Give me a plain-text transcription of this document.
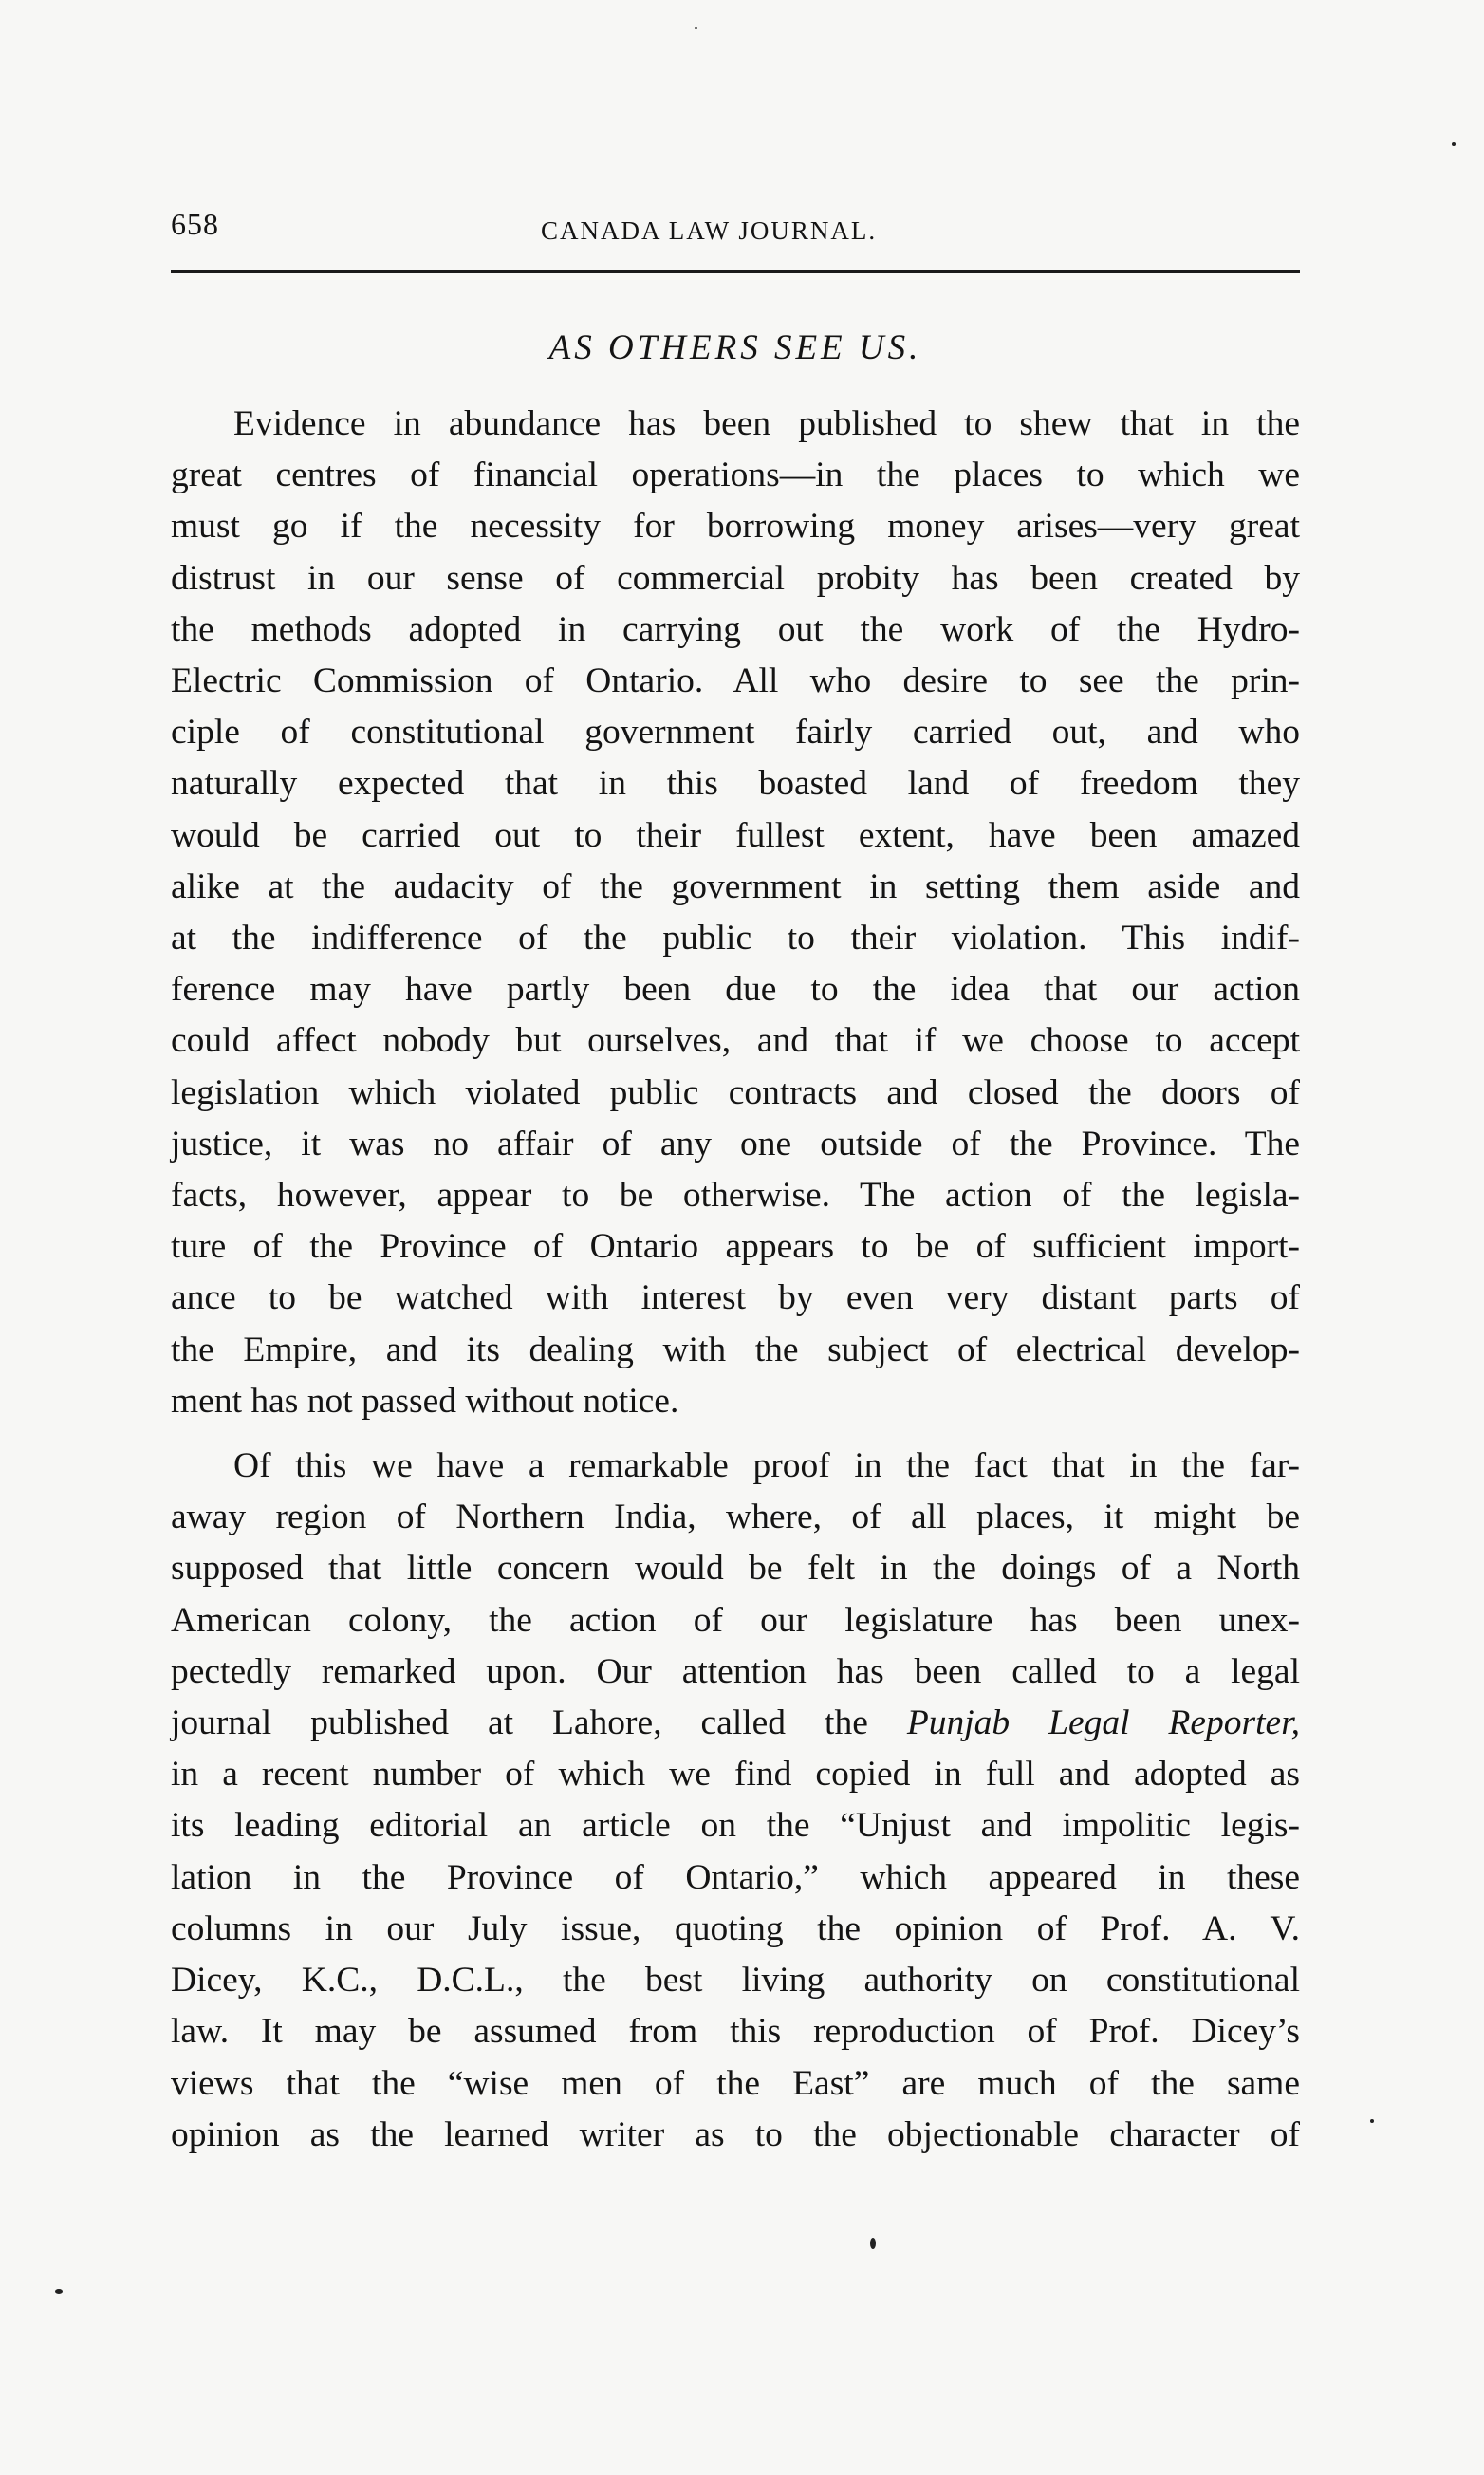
658	CANADA LAW JOURNAL.
AS OTHERS SEE US.

Evidence in abundance has been published to shew that in the
great centres of financial operations—in the places to which we
must go if the necessity for borrowing money arises—very great
distrust in our sense of commercial probity has been created by
the methods adopted in carrying out the work of the Hydro-
Electric Commission of Ontario. All who desire to see the prin-
ciple of constitutional government fairly carried out, and who
naturally expected that in this boasted land of freedom they
would be carried out to their fullest extent, have been amazed
alike at the audacity of the government in setting them aside and
at the indifference of the public to their violation. This indif-
ference may have partly been due to the idea that our action
could affect nobody but ourselves, and that if we choose to accept
legislation which violated public contracts and closed the doors of
justice, it was no affair of any one outside of the Province. The
facts, however, appear to be otherwise. The action of the legisla-
ture of the Province of Ontario appears to be of sufficient import-
ance to be watched with interest by even very distant parts of
the Empire, and its dealing with the subject of electrical develop-
ment has not passed without notice.

Of this we have a remarkable proof in the fact that in the far-
away region of Northern India, where, of all places, it might be
supposed that little concern would be felt in the doings of a North
American colony, the action of our legislature has been unex-
pectedly remarked upon. Our attention has been called to a legal
journal published at Lahore, called the Punjab Legal Reporter,
in a recent number of which we find copied in full and adopted as
its leading editorial an article on the “Unjust and impolitic legis-
lation in the Province of Ontario,” which appeared in these
columns in our July issue, quoting the opinion of Prof. A. V.
Dicey, K.C., D.C.L., the best living authority on constitutional
law. It may be assumed from this reproduction of Prof. Dicey’s
views that the “wise men of the East” are much of the same
opinion as the learned writer as to the objectionable character of
